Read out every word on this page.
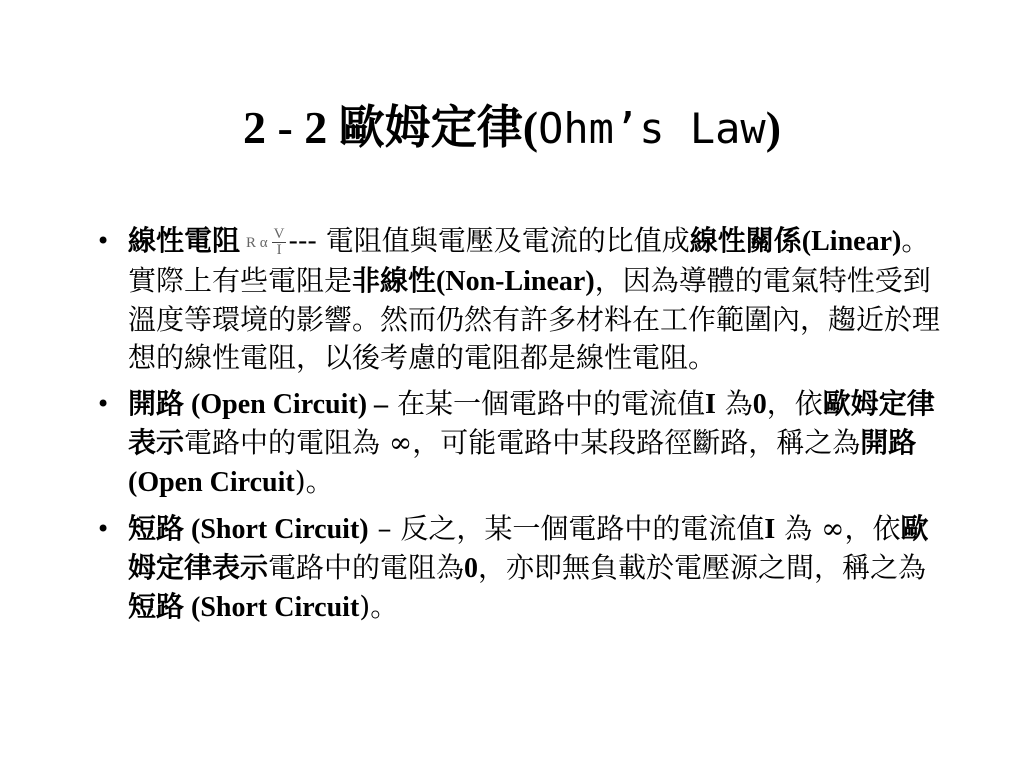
2 - 2 歐姆定律(Ohm’s Law)
• 線性電阻 R α $\frac{V}{I}$ --- 電阻值與電壓及電流的比值成線性關係(Linear)。實際上有些電阻是非線性(Non-Linear)，因為導體的電氣特性受到溫度等環境的影響。然而仍然有許多材料在工作範圍內，趨近於理想的線性電阻，以後考慮的電阻都是線性電阻。
• 開路 (Open Circuit) – 在某一個電路中的電流值I 為0，依歐姆定律表示電路中的電阻為 ∞，可能電路中某段路徑斷路，稱之為開路 (Open Circuit)。
• 短路 (Short Circuit) – 反之，某一個電路中的電流值I 為 ∞，依歐姆定律表示電路中的電阻為0，亦即無負載於電壓源之間，稱之為短路 (Short Circuit)。
